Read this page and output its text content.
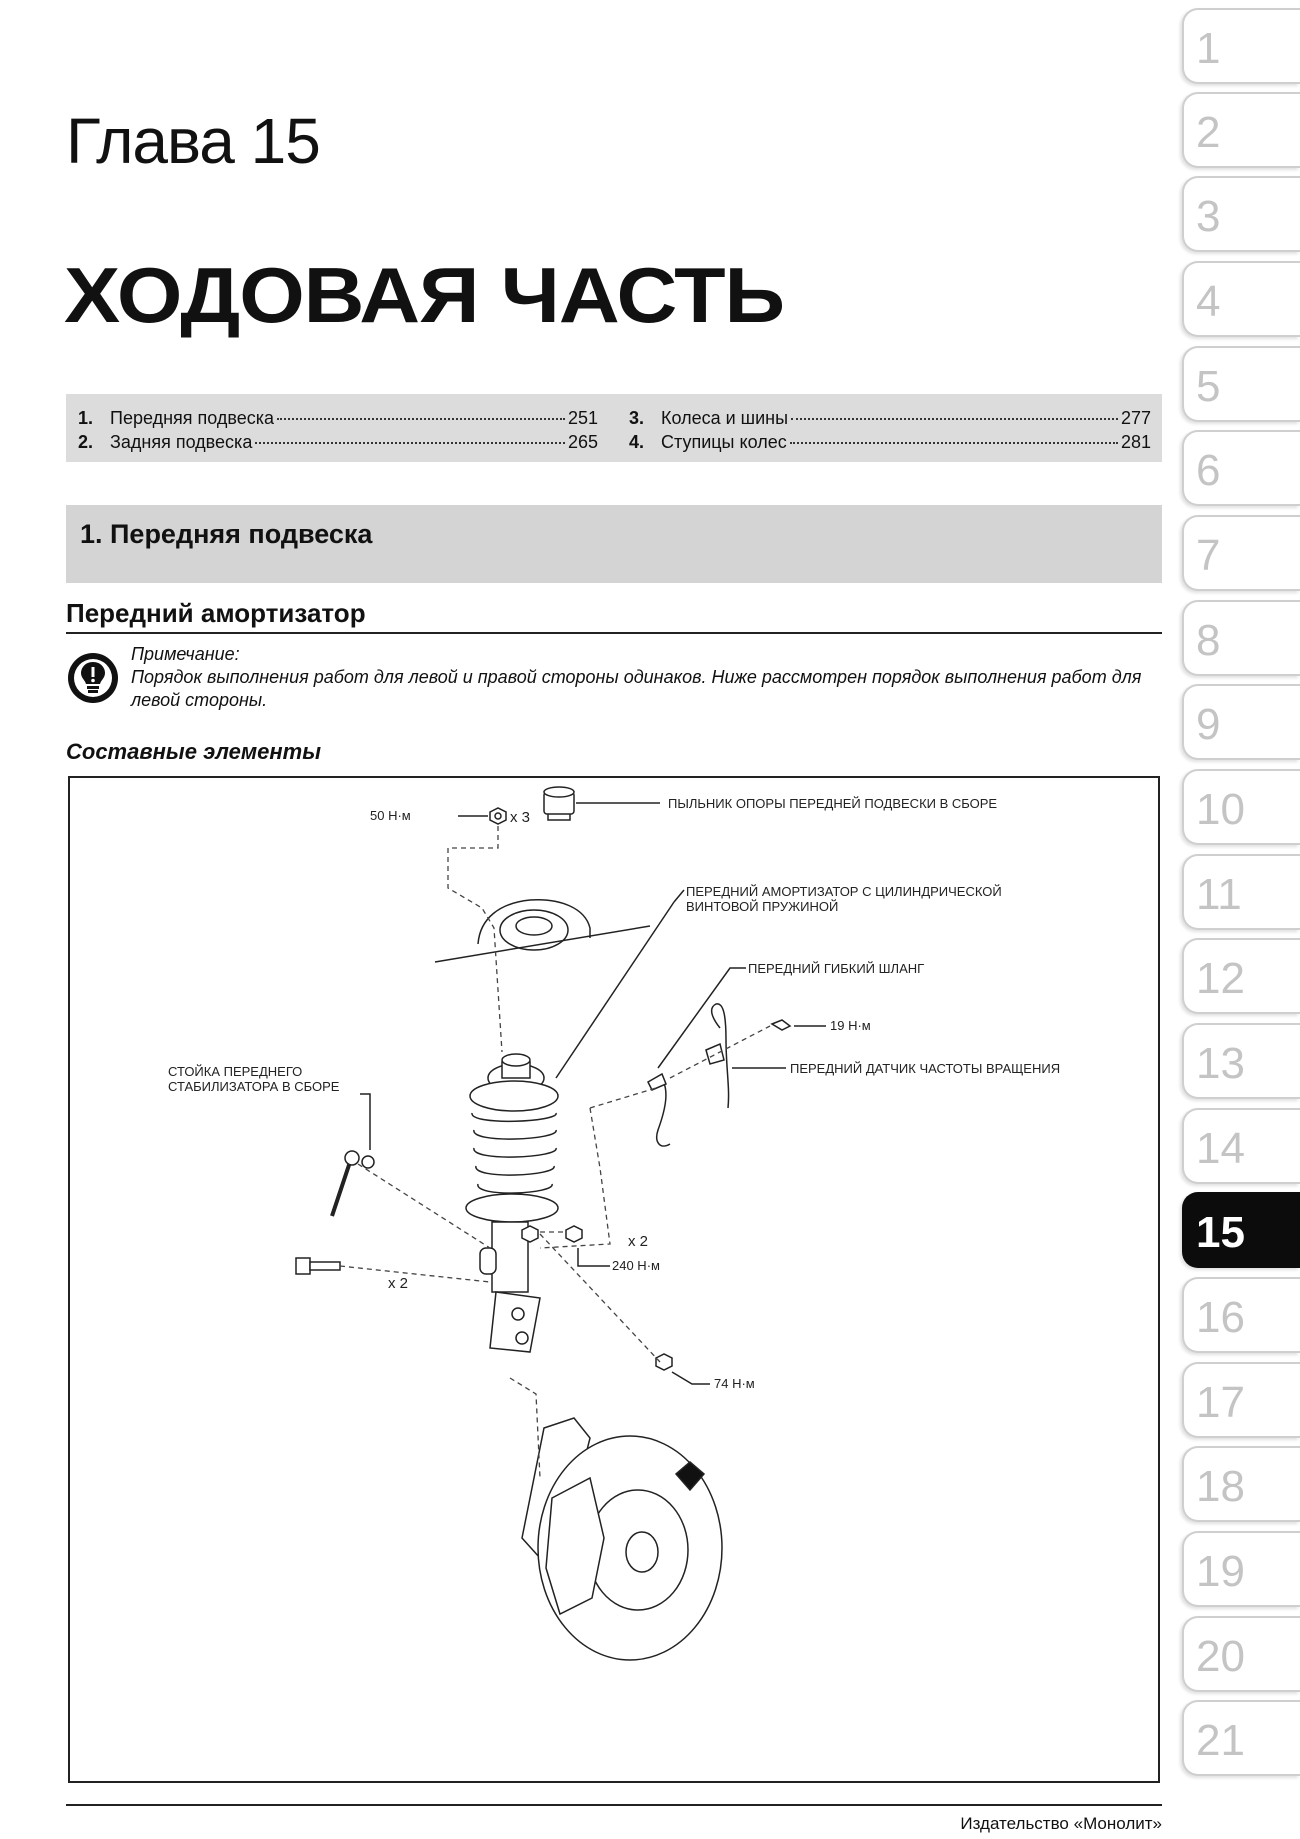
Глава 15
ХОДОВАЯ ЧАСТЬ
1. Передняя подвеска	251
2. Задняя подвеска	265
3. Колеса и шины	277
4. Ступицы колес	281
1. Передняя подвеска
Передний амортизатор
Примечание:
Порядок выполнения работ для левой и правой стороны одинаков. Ниже рассмотрен порядок выполнения работ для левой стороны.
Составные элементы
50 Н·м	x 3
ПЫЛЬНИК ОПОРЫ ПЕРЕДНЕЙ ПОДВЕСКИ В СБОРЕ
ПЕРЕДНИЙ АМОРТИЗАТОР С ЦИЛИНДРИЧЕСКОЙ
ВИНТОВОЙ ПРУЖИНОЙ
ПЕРЕДНИЙ ГИБКИЙ ШЛАНГ
19 Н·м
ПЕРЕДНИЙ ДАТЧИК ЧАСТОТЫ ВРАЩЕНИЯ
СТОЙКА ПЕРЕДНЕГО
СТАБИЛИЗАТОРА В СБОРЕ
x 2
240 Н·м
x 2
74 Н·м
Издательство «Монолит»
1
2
3
4
5
6
7
8
9
10
11
12
13
14
15
16
17
18
19
20
21
